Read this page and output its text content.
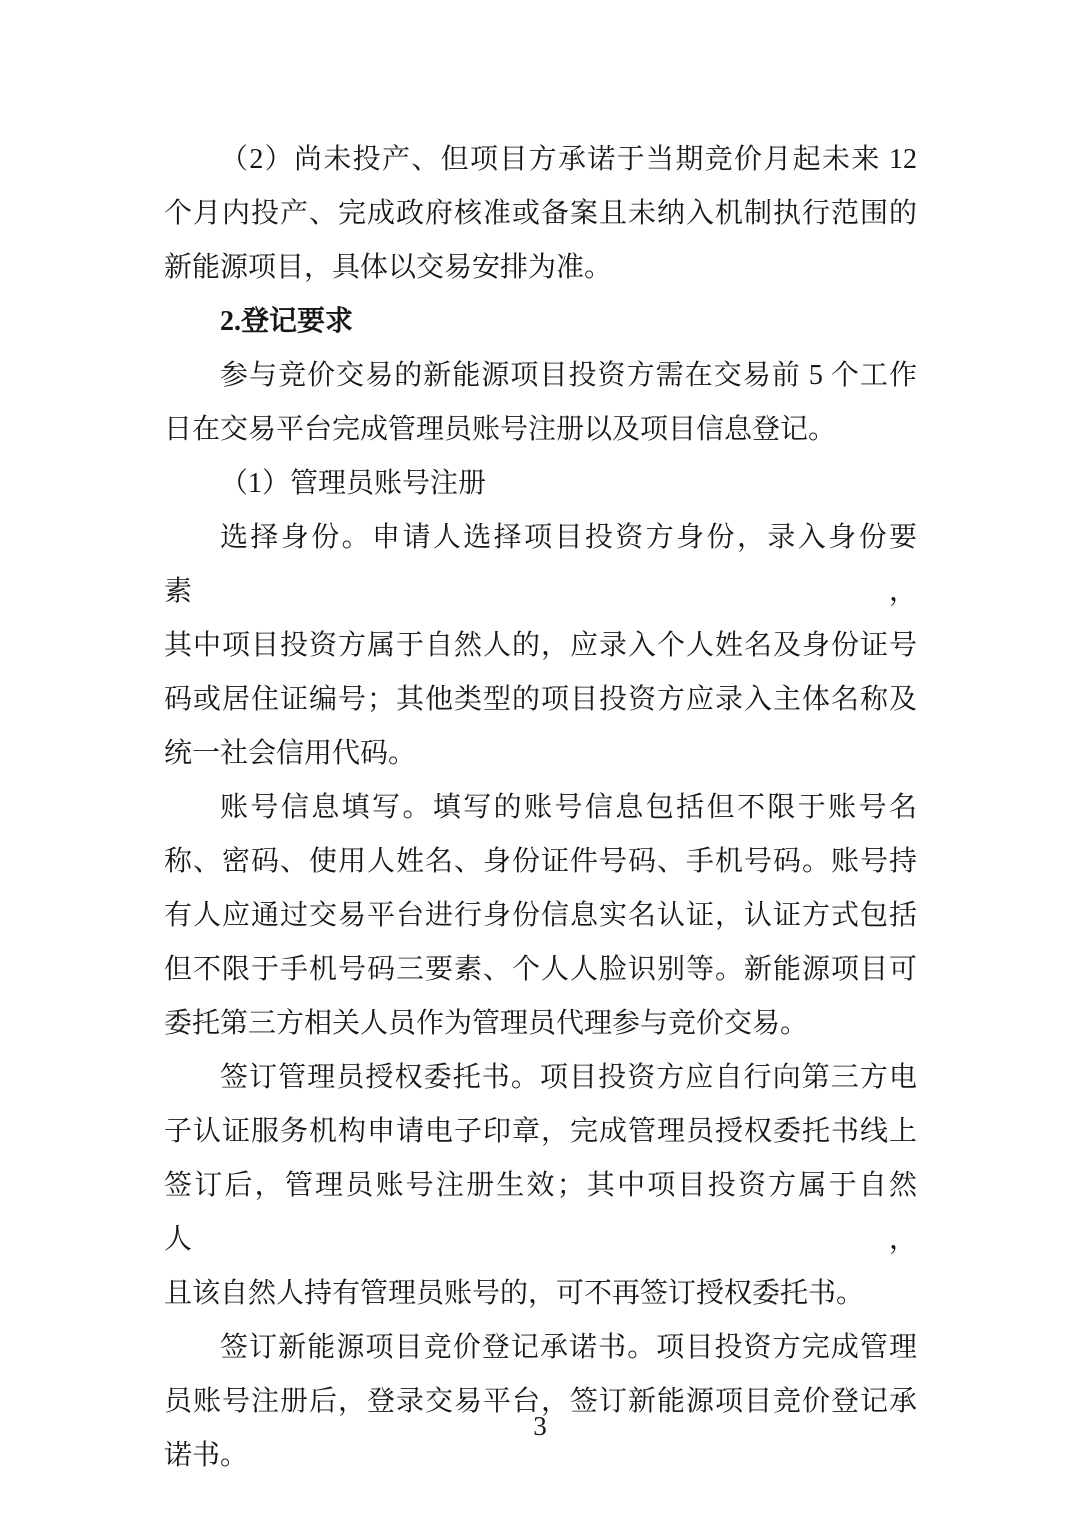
（2）尚未投产、但项目方承诺于当期竞价月起未来 12

个月内投产、完成政府核准或备案且未纳入机制执行范围的

新能源项目，具体以交易安排为准。

2.登记要求

参与竞价交易的新能源项目投资方需在交易前 5 个工作

日在交易平台完成管理员账号注册以及项目信息登记。

（1）管理员账号注册

选择身份。申请人选择项目投资方身份，录入身份要素，

其中项目投资方属于自然人的，应录入个人姓名及身份证号

码或居住证编号；其他类型的项目投资方应录入主体名称及

统一社会信用代码。

账号信息填写。填写的账号信息包括但不限于账号名

称、密码、使用人姓名、身份证件号码、手机号码。账号持

有人应通过交易平台进行身份信息实名认证，认证方式包括

但不限于手机号码三要素、个人人脸识别等。新能源项目可

委托第三方相关人员作为管理员代理参与竞价交易。

签订管理员授权委托书。项目投资方应自行向第三方电

子认证服务机构申请电子印章，完成管理员授权委托书线上

签订后，管理员账号注册生效；其中项目投资方属于自然人，

且该自然人持有管理员账号的，可不再签订授权委托书。

签订新能源项目竞价登记承诺书。项目投资方完成管理

员账号注册后，登录交易平台，签订新能源项目竞价登记承

诺书。

3
